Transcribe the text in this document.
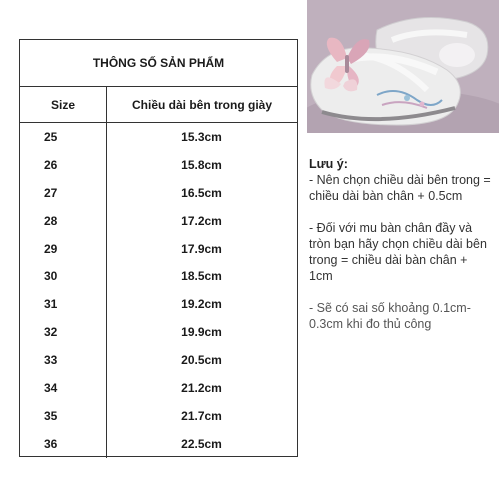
THÔNG SỐ SẢN PHẨM
Size	Chiều dài bên trong giày
25	15.3cm
26	15.8cm
27	16.5cm
28	17.2cm
29	17.9cm
30	18.5cm
31	19.2cm
32	19.9cm
33	20.5cm
34	21.2cm
35	21.7cm
36	22.5cm

Lưu ý:

- Nên chọn chiều dài bên trong = chiều dài bàn chân + 0.5cm

- Đối với mu bàn chân đầy và tròn bạn hãy chọn chiều dài bên trong = chiều dài bàn chân + 1cm

- Sẽ có sai số khoảng 0.1cm-0.3cm khi đo thủ công
